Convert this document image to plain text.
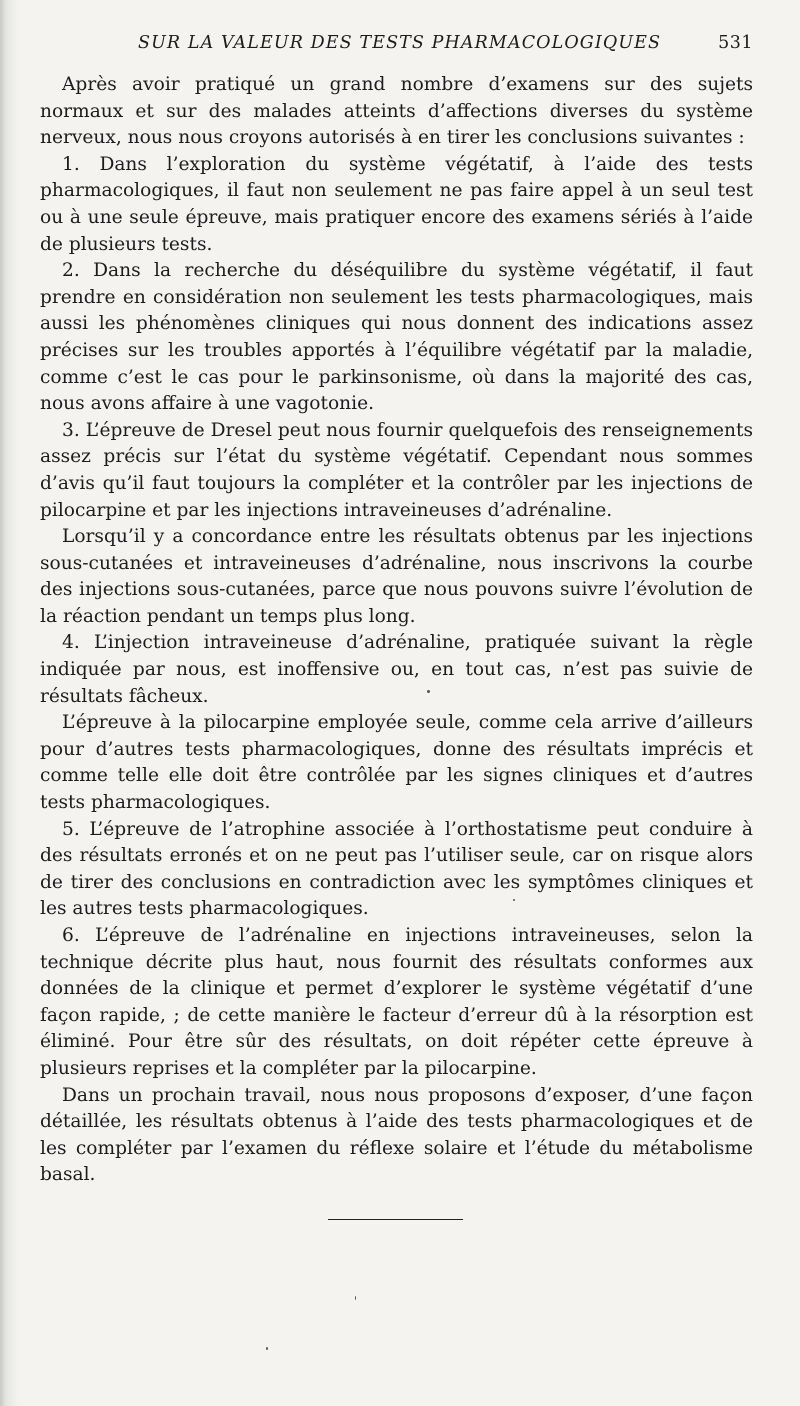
SUR LA VALEUR DES TESTS PHARMACOLOGIQUES	531

Après avoir pratiqué un grand nombre d’examens sur des sujets normaux et sur des malades atteints d’affections diverses du système nerveux, nous nous croyons autorisés à en tirer les conclusions suivantes :

1. Dans l’exploration du système végétatif, à l’aide des tests pharmacologiques, il faut non seulement ne pas faire appel à un seul test ou à une seule épreuve, mais pratiquer encore des examens sériés à l’aide de plusieurs tests.

2. Dans la recherche du déséquilibre du système végétatif, il faut prendre en considération non seulement les tests pharmacologiques, mais aussi les phénomènes cliniques qui nous donnent des indications assez précises sur les troubles apportés à l’équilibre végétatif par la maladie, comme c’est le cas pour le parkinsonisme, où dans la majorité des cas, nous avons affaire à une vagotonie.

3. L’épreuve de Dresel peut nous fournir quelquefois des renseignements assez précis sur l’état du système végétatif. Cependant nous sommes d’avis qu’il faut toujours la compléter et la contrôler par les injections de pilocarpine et par les injections intraveineuses d’adrénaline.

Lorsqu’il y a concordance entre les résultats obtenus par les injections sous-cutanées et intraveineuses d’adrénaline, nous inscrivons la courbe des injections sous-cutanées, parce que nous pouvons suivre l’évolution de la réaction pendant un temps plus long.

4. L’injection intraveineuse d’adrénaline, pratiquée suivant la règle indiquée par nous, est inoffensive ou, en tout cas, n’est pas suivie de résultats fâcheux.

L’épreuve à la pilocarpine employée seule, comme cela arrive d’ailleurs pour d’autres tests pharmacologiques, donne des résultats imprécis et comme telle elle doit être contrôlée par les signes cliniques et d’autres tests pharmacologiques.

5. L’épreuve de l’atrophine associée à l’orthostatisme peut conduire à des résultats erronés et on ne peut pas l’utiliser seule, car on risque alors de tirer des conclusions en contradiction avec les symptômes cliniques et les autres tests pharmacologiques.

6. L’épreuve de l’adrénaline en injections intraveineuses, selon la technique décrite plus haut, nous fournit des résultats conformes aux données de la clinique et permet d’explorer le système végétatif d’une façon rapide, ; de cette manière le facteur d’erreur dû à la résorption est éliminé. Pour être sûr des résultats, on doit répéter cette épreuve à plusieurs reprises et la compléter par la pilocarpine.

Dans un prochain travail, nous nous proposons d’exposer, d’une façon détaillée, les résultats obtenus à l’aide des tests pharmacologiques et de les compléter par l’examen du réflexe solaire et l’étude du métabolisme basal.
